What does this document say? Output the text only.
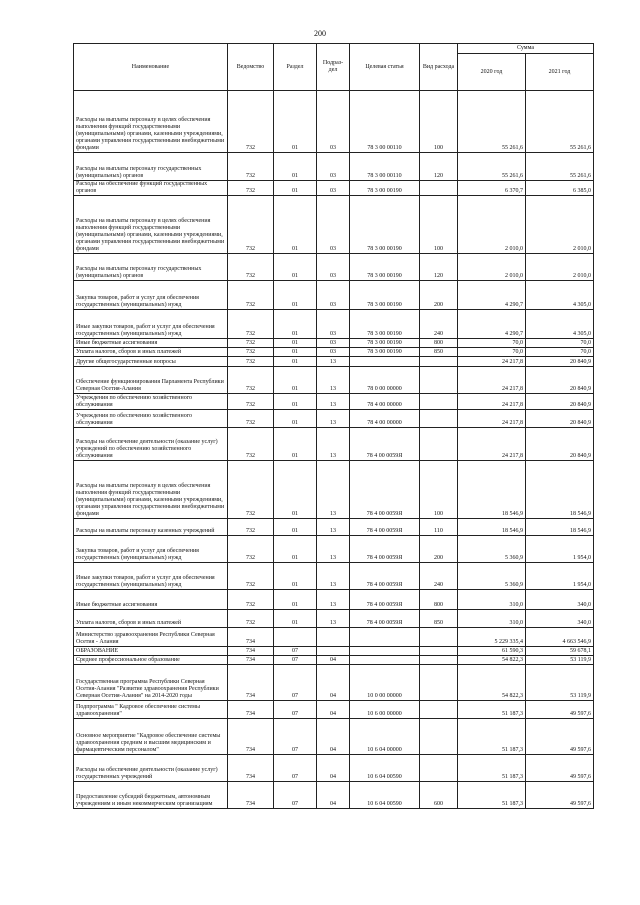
200
Наименование	Ведомство	Раздел	Подраз-дел	Целевая статья	Вид расхода	Сумма	
						2020 год	2021 год
Расходы на выплаты персоналу в целях обеспечения выполнения функций государственными (муниципальными) органами, казенными учреждениями, органами управления государственными внебюджетными фондами	732	01	03	78 3 00 00110	100	55 261,6	55 261,6
Расходы на выплаты персоналу государственных (муниципальных) органов	732	01	03	78 3 00 00110	120	55 261,6	55 261,6
Расходы на обеспечение функций государственных органов	732	01	03	78 3 00 00190		6 370,7	6 385,0
Расходы на выплаты персоналу в целях обеспечения выполнения функций государственными (муниципальными) органами, казенными учреждениями, органами управления государственными внебюджетными фондами	732	01	03	78 3 00 00190	100	2 010,0	2 010,0
Расходы на выплаты персоналу государственных (муниципальных) органов	732	01	03	78 3 00 00190	120	2 010,0	2 010,0
Закупка товаров, работ и услуг для обеспечения государственных (муниципальных) нужд	732	01	03	78 3 00 00190	200	4 290,7	4 305,0
Иные закупки товаров, работ и услуг для обеспечения государственных (муниципальных) нужд	732	01	03	78 3 00 00190	240	4 290,7	4 305,0
Иные бюджетные ассигнования	732	01	03	78 3 00 00190	800	70,0	70,0
Уплата налогов, сборов и иных платежей	732	01	03	78 3 00 00190	850	70,0	70,0
Другие общегосударственные вопросы	732	01	13			24 217,8	20 840,9
Обеспечение функционирования Парламента Республики Северная Осетия-Алания	732	01	13	78 0 00 00000		24 217,8	20 840,9
Учреждения по обеспечению хозяйственного обслуживания	732	01	13	78 4 00 00000		24 217,8	20 840,9
Учреждения по обеспечению хозяйственного обслуживания	732	01	13	78 4 00 00000		24 217,8	20 840,9
Расходы на обеспечение деятельности (оказание услуг) учреждений по обеспечению хозяйственного обслуживания	732	01	13	78 4 00 0059Я		24 217,8	20 840,9
Расходы на выплаты персоналу в целях обеспечения выполнения функций государственными (муниципальными) органами, казенными учреждениями, органами управления государственными внебюджетными фондами	732	01	13	78 4 00 0059Я	100	18 546,9	18 546,9
Расходы на выплаты персоналу казенных учреждений	732	01	13	78 4 00 0059Я	110	18 546,9	18 546,9
Закупка товаров, работ и услуг для обеспечения государственных (муниципальных) нужд	732	01	13	78 4 00 0059Я	200	5 360,9	1 954,0
Иные закупки товаров, работ и услуг для обеспечения государственных (муниципальных) нужд	732	01	13	78 4 00 0059Я	240	5 360,9	1 954,0
Иные бюджетные ассигнования	732	01	13	78 4 00 0059Я	800	310,0	340,0
Уплата налогов, сборов и иных платежей	732	01	13	78 4 00 0059Я	850	310,0	340,0
Министерство здравоохранения Республики Северная Осетия - Алания	734					5 229 335,4	4 663 546,9
ОБРАЗОВАНИЕ	734	07				61 590,3	59 678,1
Среднее профессиональное образование	734	07	04			54 822,3	53 119,9
Государственная программа Республики Северная Осетия-Алания "Развитие здравоохранения Республики Северная Осетия-Алания" на 2014-2020 годы	734	07	04	10 0 00 00000		54 822,3	53 119,9
Подпрограмма " Кадровое обеспечение системы здравоохранения"	734	07	04	10 6 00 00000		51 187,3	49 597,6
Основное мероприятие "Кадровое обеспечение системы здравоохранения средним и высшим медицинским и фармацевтическим персоналом"	734	07	04	10 6 04 00000		51 187,3	49 597,6
Расходы на обеспечение деятельности (оказание услуг) государственных учреждений	734	07	04	10 6 04 00590		51 187,3	49 597,6
Предоставление субсидий бюджетным, автономным учреждениям и иным некоммерческим организациям	734	07	04	10 6 04 00590	600	51 187,3	49 597,6
